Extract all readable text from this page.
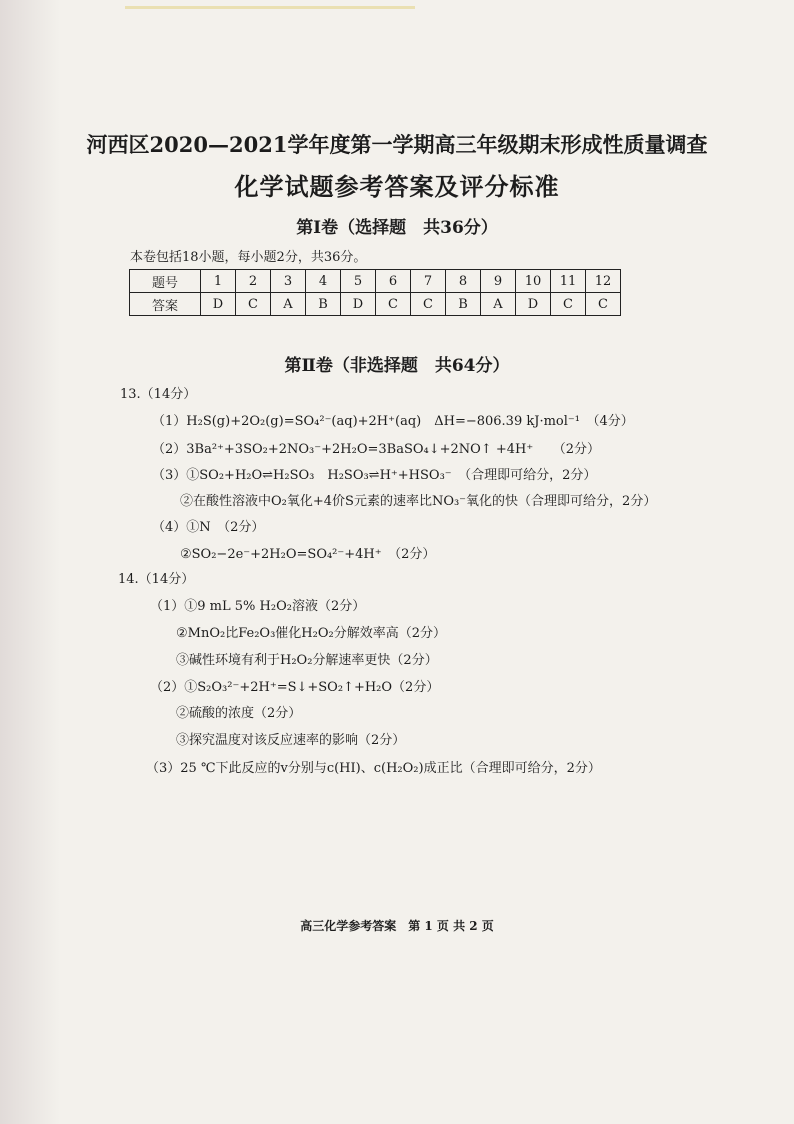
河西区2020—2021学年度第一学期高三年级期末形成性质量调查
化学试题参考答案及评分标准
第Ⅰ卷（选择题　共36分）
本卷包括18小题，每小题2分，共36分。
题号	1	2	3	4	5	6	7	8	9	10	11	12
答案	D	C	A	B	D	C	C	B	A	D	C	C
第Ⅱ卷（非选择题　共64分）
13.（14分）
（1）H₂S(g)+2O₂(g)=SO₄²⁻(aq)+2H⁺(aq)　ΔH=−806.39 kJ·mol⁻¹　（4分）
（2）3Ba²⁺+3SO₂+2NO₃⁻+2H₂O=3BaSO₄↓+2NO↑ +4H⁺　　（2分）
（3）①SO₂+H₂O⇌H₂SO₃　H₂SO₃⇌H⁺+HSO₃⁻　（合理即可给分，2分）
②在酸性溶液中O₂氧化+4价S元素的速率比NO₃⁻氧化的快（合理即可给分，2分）
（4）①N　（2分）
②SO₂−2e⁻+2H₂O=SO₄²⁻+4H⁺　（2分）
14.（14分）
（1）①9 mL 5% H₂O₂溶液（2分）
②MnO₂比Fe₂O₃催化H₂O₂分解效率高（2分）
③碱性环境有利于H₂O₂分解速率更快（2分）
（2）①S₂O₃²⁻+2H⁺=S↓+SO₂↑+H₂O（2分）
②硫酸的浓度（2分）
③探究温度对该反应速率的影响（2分）
（3）25 ℃下此反应的v分别与c(HI)、c(H₂O₂)成正比（合理即可给分，2分）
高三化学参考答案　第 1 页 共 2 页
